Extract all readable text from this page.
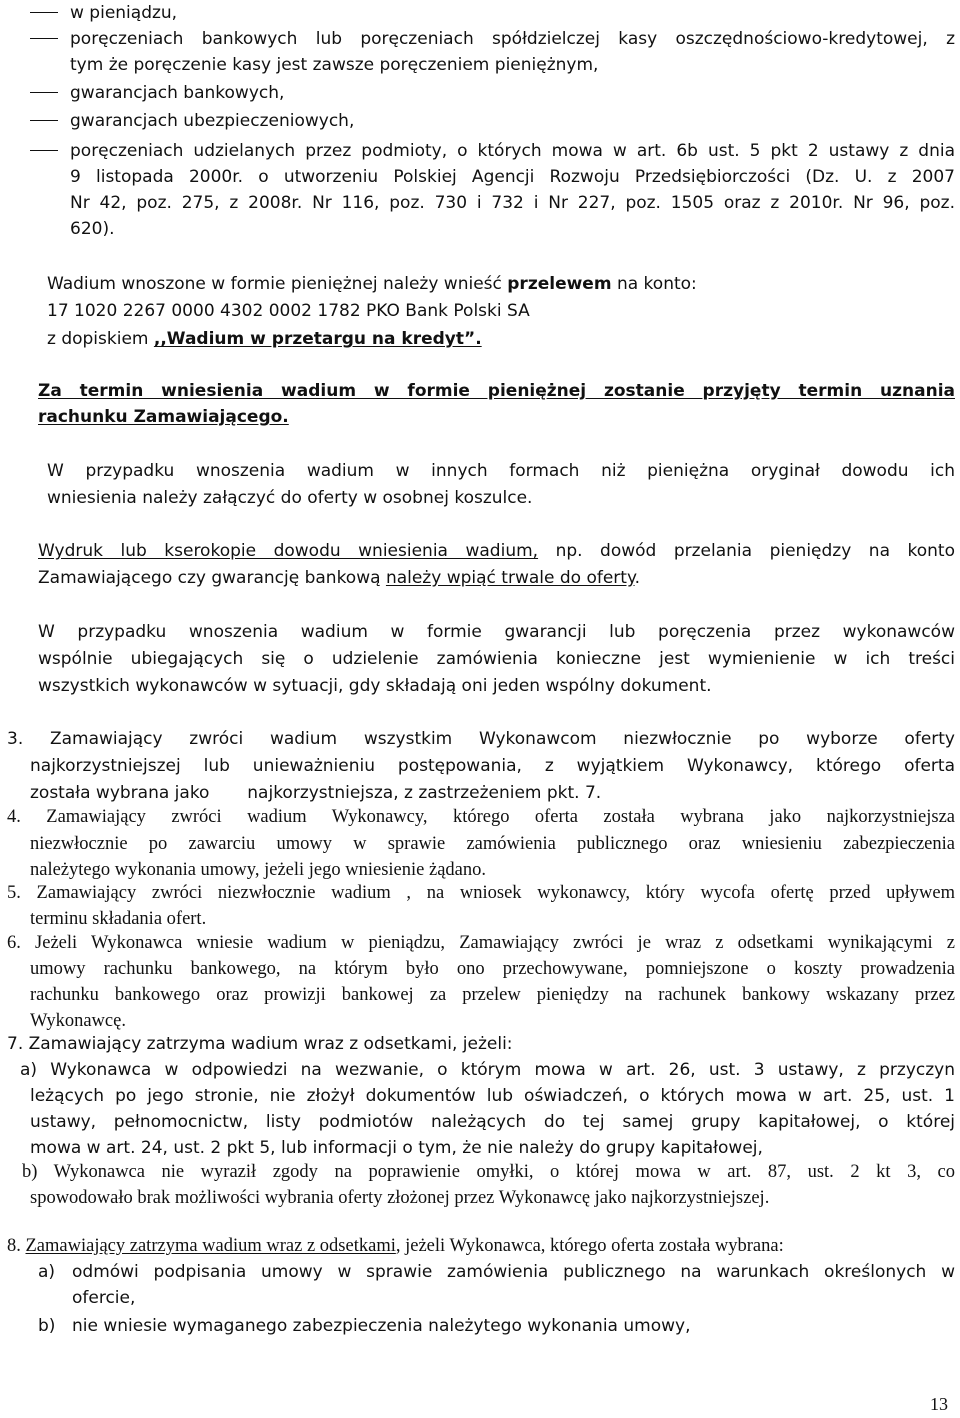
w pieniądzu,
poręczeniach bankowych lub poręczeniach spółdzielczej kasy oszczędnościowo-kredytowej, z
tym że poręczenie kasy jest zawsze poręczeniem pieniężnym,
gwarancjach bankowych,
gwarancjach ubezpieczeniowych,
poręczeniach udzielanych przez podmioty, o których mowa w art. 6b ust. 5 pkt 2 ustawy z dnia
9 listopada 2000r. o utworzeniu Polskiej Agencji Rozwoju Przedsiębiorczości (Dz. U. z 2007
Nr 42, poz. 275, z 2008r. Nr 116, poz. 730 i 732 i Nr 227, poz. 1505 oraz z 2010r. Nr 96, poz.
620).
Wadium wnoszone w formie pieniężnej należy wnieść przelewem na konto:
17 1020 2267 0000 4302 0002 1782 PKO Bank Polski SA
z dopiskiem ,,Wadium w przetargu na kredyt”.
Za termin wniesienia wadium w formie pieniężnej zostanie przyjęty termin uznania
rachunku Zamawiającego.
W przypadku wnoszenia wadium w innych formach niż pieniężna oryginał dowodu ich
wniesienia należy załączyć do oferty w osobnej koszulce.
Wydruk lub kserokopie dowodu wniesienia wadium, np. dowód przelania pieniędzy na konto
Zamawiającego czy gwarancję bankową należy wpiąć trwale do oferty.
W przypadku wnoszenia wadium w formie gwarancji lub poręczenia przez wykonawców
wspólnie ubiegających się o udzielenie zamówienia konieczne jest wymienienie w ich treści
wszystkich wykonawców w sytuacji, gdy składają oni jeden wspólny dokument.
3. Zamawiający zwróci wadium wszystkim Wykonawcom niezwłocznie po wyborze oferty
najkorzystniejszej lub unieważnieniu postępowania, z wyjątkiem Wykonawcy, którego oferta
została wybrana jako       najkorzystniejsza, z zastrzeżeniem pkt. 7.
4. Zamawiający zwróci wadium Wykonawcy, którego oferta została wybrana jako najkorzystniejsza
niezwłocznie po zawarciu umowy w sprawie zamówienia publicznego oraz wniesieniu zabezpieczenia
należytego wykonania umowy, jeżeli jego wniesienie żądano.
5. Zamawiający zwróci niezwłocznie wadium , na wniosek wykonawcy, który wycofa ofertę przed upływem
terminu składania ofert.
6. Jeżeli Wykonawca wniesie wadium w pieniądzu, Zamawiający zwróci je wraz z odsetkami wynikającymi z
umowy rachunku bankowego, na którym było ono przechowywane, pomniejszone o koszty prowadzenia
rachunku bankowego oraz prowizji bankowej za przelew pieniędzy na rachunek bankowy wskazany przez
Wykonawcę.
7. Zamawiający zatrzyma wadium wraz z odsetkami, jeżeli:
a) Wykonawca w odpowiedzi na wezwanie, o którym mowa w art. 26, ust. 3 ustawy, z przyczyn
leżących po jego stronie, nie złożył dokumentów lub oświadczeń, o których mowa w art. 25, ust. 1
ustawy, pełnomocnictw, listy podmiotów należących do tej samej grupy kapitałowej, o której
mowa w art. 24, ust. 2 pkt 5, lub informacji o tym, że nie należy do grupy kapitałowej,
b) Wykonawca nie wyraził zgody na poprawienie omyłki, o której mowa w art. 87, ust. 2 kt 3, co
spowodowało brak możliwości wybrania oferty złożonej przez Wykonawcę jako najkorzystniejszej.
8. Zamawiający zatrzyma wadium wraz z odsetkami, jeżeli Wykonawca, którego oferta została wybrana:
a) odmówi podpisania umowy w sprawie zamówienia publicznego na warunkach określonych w
ofercie,
b) nie wniesie wymaganego zabezpieczenia należytego wykonania umowy,
13
